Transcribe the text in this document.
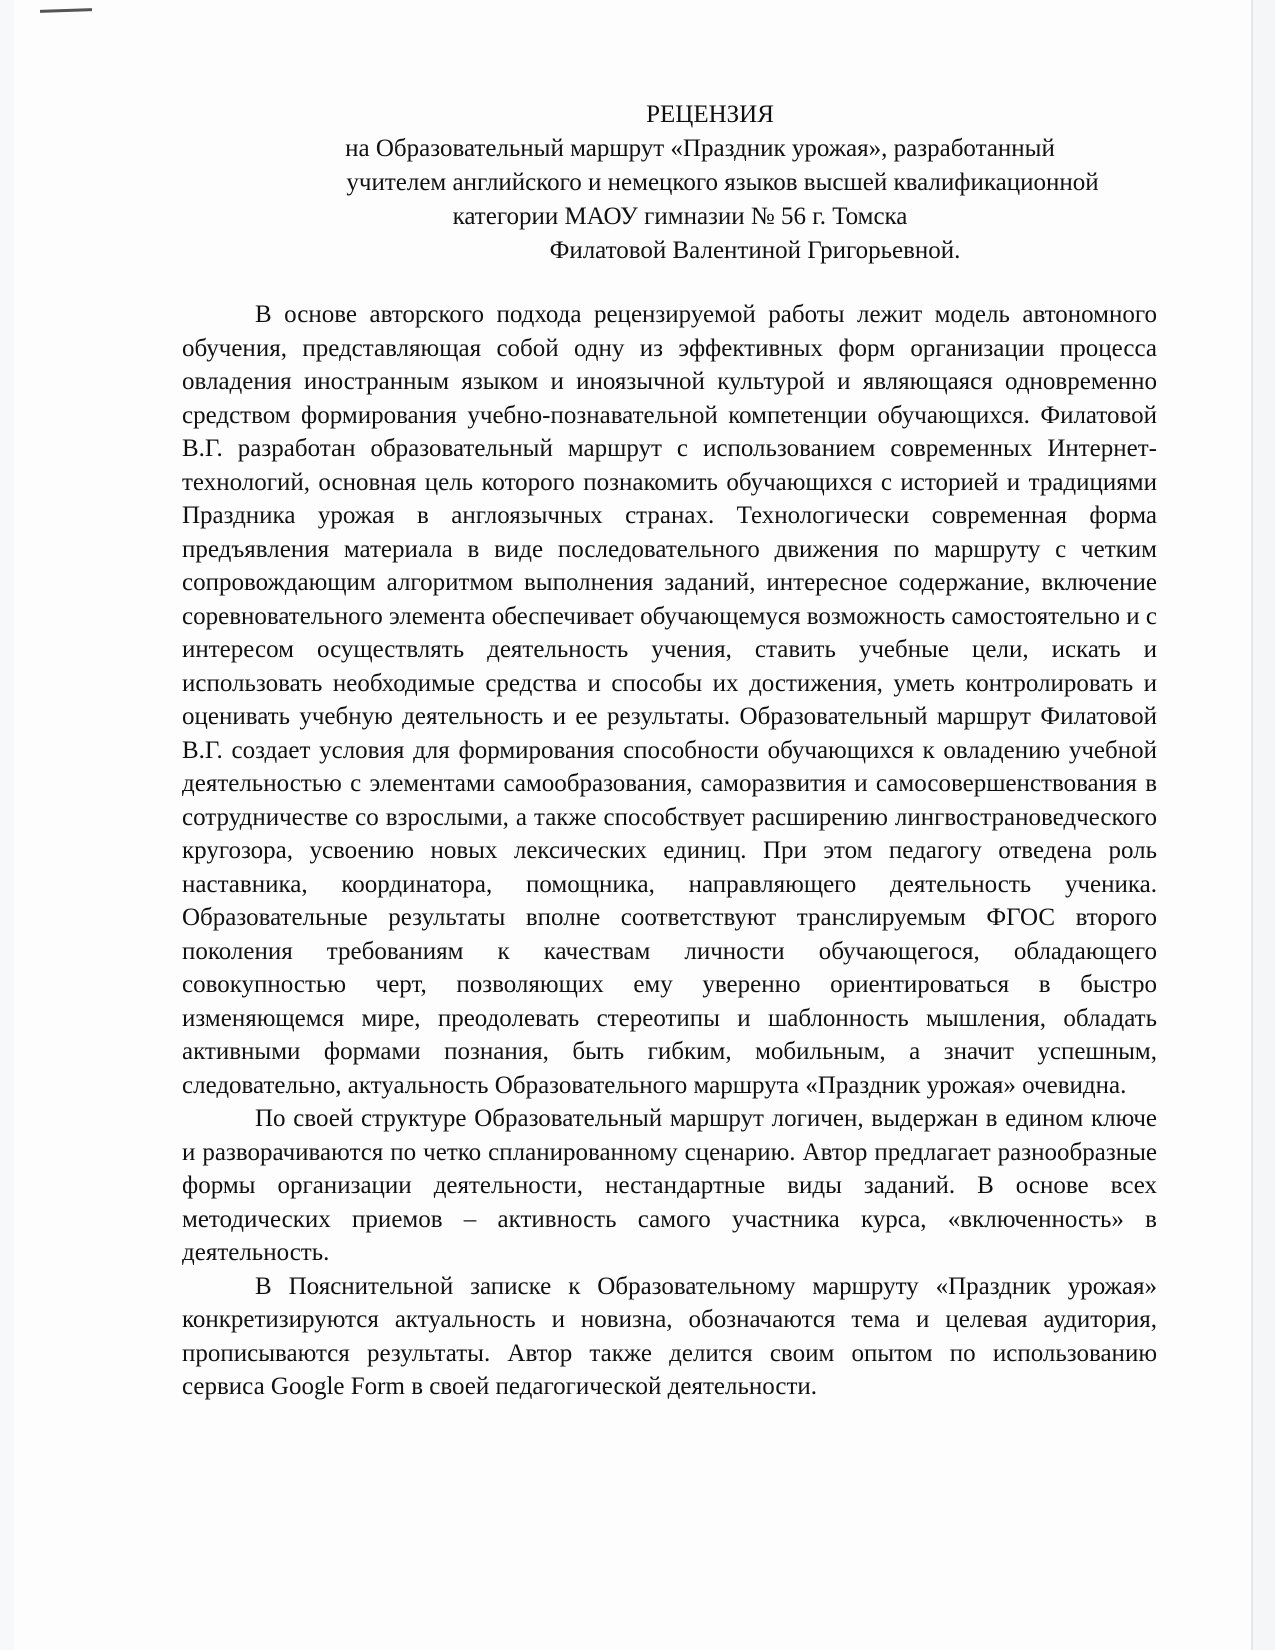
РЕЦЕНЗИЯ
на Образовательный маршрут «Праздник урожая», разработанный
учителем английского и немецкого языков высшей квалификационной
категории МАОУ гимназии № 56 г. Томска
Филатовой Валентиной Григорьевной.

В основе авторского подхода рецензируемой работы лежит модель автономного обучения, представляющая собой одну из эффективных форм организации процесса овладения иностранным языком и иноязычной культурой и являющаяся одновременно средством формирования учебно-познавательной компетенции обучающихся. Филатовой В.Г. разработан образовательный маршрут с использованием современных Интернет-технологий, основная цель которого познакомить обучающихся с историей и традициями Праздника урожая в англоязычных странах. Технологически современная форма предъявления материала в виде последовательного движения по маршруту с четким сопровождающим алгоритмом выполнения заданий, интересное содержание, включение соревновательного элемента обеспечивает обучающемуся возможность самостоятельно и с интересом осуществлять деятельность учения, ставить учебные цели, искать и использовать необходимые средства и способы их достижения, уметь контролировать и оценивать учебную деятельность и ее результаты. Образовательный маршрут Филатовой В.Г. создает условия для формирования способности обучающихся к овладению учебной деятельностью с элементами самообразования, саморазвития и самосовершенствования в сотрудничестве со взрослыми, а также способствует расширению лингвострановедческого кругозора, усвоению новых лексических единиц. При этом педагогу отведена роль наставника, координатора, помощника, направляющего деятельность ученика. Образовательные результаты вполне соответствуют транслируемым ФГОС второго поколения требованиям к качествам личности обучающегося, обладающего совокупностью черт, позволяющих ему уверенно ориентироваться в быстро изменяющемся мире, преодолевать стереотипы и шаблонность мышления, обладать активными формами познания, быть гибким, мобильным, а значит успешным, следовательно, актуальность Образовательного маршрута «Праздник урожая» очевидна.

По своей структуре Образовательный маршрут логичен, выдержан в едином ключе и разворачиваются по четко спланированному сценарию. Автор предлагает разнообразные формы организации деятельности, нестандартные виды заданий. В основе всех методических приемов – активность самого участника курса, «включенность» в деятельность.

В Пояснительной записке к Образовательному маршруту «Праздник урожая» конкретизируются актуальность и новизна, обозначаются тема и целевая аудитория, прописываются результаты. Автор также делится своим опытом по использованию сервиса Google Form в своей педагогической деятельности.
